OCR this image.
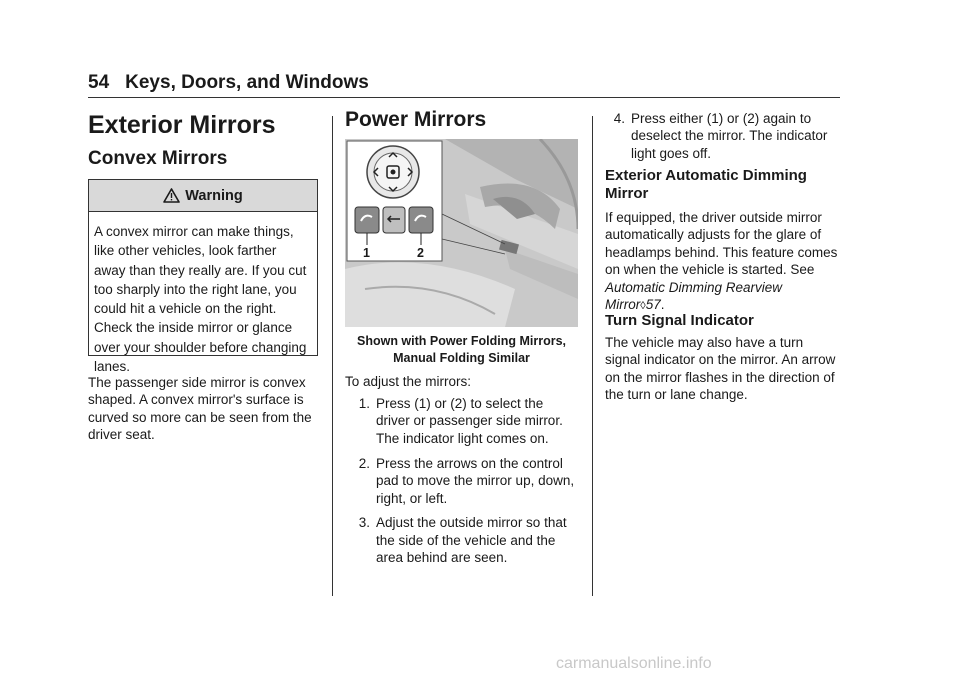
54 Keys, Doors, and Windows
Exterior Mirrors
Convex Mirrors
Warning
A convex mirror can make things, like other vehicles, look farther away than they really are. If you cut too sharply into the right lane, you could hit a vehicle on the right. Check the inside mirror or glance over your shoulder before changing lanes.
The passenger side mirror is convex shaped. A convex mirror's surface is curved so more can be seen from the driver seat.
Power Mirrors
1	2
Shown with Power Folding Mirrors, Manual Folding Similar
To adjust the mirrors:
1. Press (1) or (2) to select the driver or passenger side mirror. The indicator light comes on.
2. Press the arrows on the control pad to move the mirror up, down, right, or left.
3. Adjust the outside mirror so that the side of the vehicle and the area behind are seen.
4. Press either (1) or (2) again to deselect the mirror. The indicator light goes off.
Exterior Automatic Dimming Mirror
If equipped, the driver outside mirror automatically adjusts for the glare of headlamps behind. This feature comes on when the vehicle is started. See Automatic Dimming Rearview Mirror◊57.
Turn Signal Indicator
The vehicle may also have a turn signal indicator on the mirror. An arrow on the mirror flashes in the direction of the turn or lane change.
carmanualsonline.info
